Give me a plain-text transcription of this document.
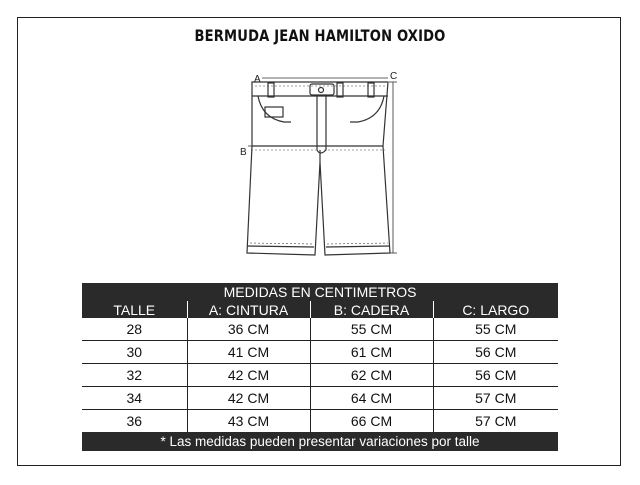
BERMUDA JEAN HAMILTON OXIDO
A
B
C
MEDIDAS EN CENTIMETROS			
TALLE	A: CINTURA	B: CADERA	C: LARGO
28	36 CM	55 CM	55 CM
30	41 CM	61 CM	56 CM
32	42 CM	62 CM	56 CM
34	42 CM	64 CM	57 CM
36	43 CM	66 CM	57 CM
* Las medidas pueden presentar variaciones por talle			
